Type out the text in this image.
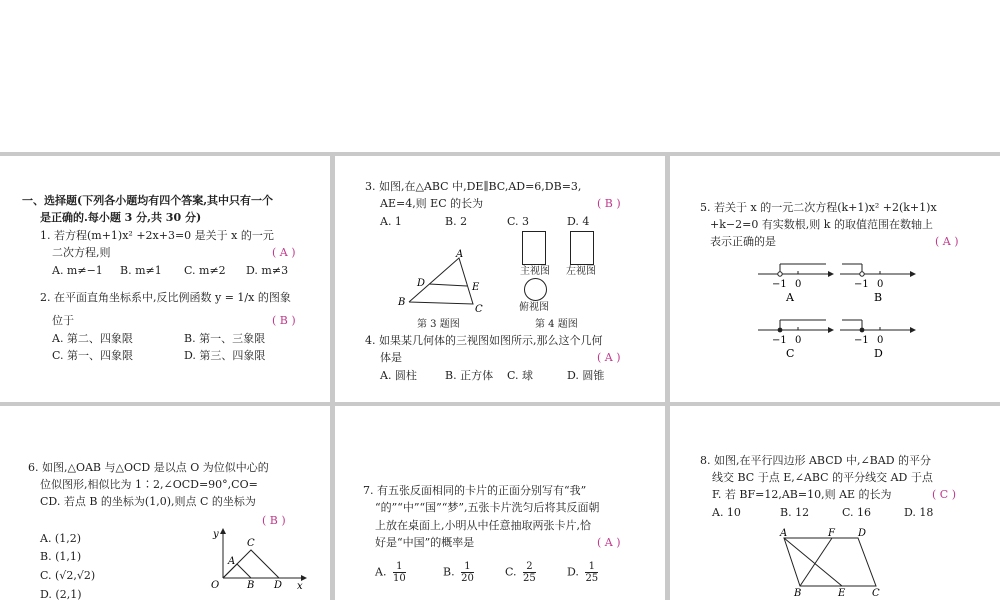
一、选择题(下列各小题均有四个答案,其中只有一个
是正确的.每小题 3 分,共 30 分)
1. 若方程(m+1)x² +2x+3=0 是关于 x 的一元
二次方程,则	( A )
A. m≠−1 B. m≠1 C. m≠2 D. m≠3
2. 在平面直角坐标系中,反比例函数 y = 1/x 的图象
位于	( B )
A. 第二、四象限	B. 第一、三象限
C. 第一、四象限	D. 第三、四象限
3. 如图,在△ABC 中,DE∥BC,AD=6,DB=3,
AE=4,则 EC 的长为	( B )
A. 1	B. 2	C. 3	D. 4
A
D	E
B
C
第 3 题图
主视图 左视图
俯视图
第 4 题图
4. 如果某几何体的三视图如图所示,那么这个几何
体是	( A )
A. 圆柱	B. 正方体 C. 球	D. 圆锥
5. 若关于 x 的一元二次方程(k+1)x² +2(k+1)x
+k−2=0 有实数根,则 k 的取值范围在数轴上
表示正确的是	( A )
−1 0
A
−1 0
B
−1 0
C
−1 0
D
6. 如图,△OAB 与△OCD 是以点 O 为位似中心的
位似图形,相似比为 1∶2,∠OCD=90°,CO=
CD. 若点 B 的坐标为(1,0),则点 C 的坐标为
( B )
A. (1,2)
B. (1,1)
C. (√2,√2)
D. (2,1)
y
C
A
O	B D x
7. 有五张反面相同的卡片的正面分别写有“我”
“的”“中”“国”“梦”,五张卡片洗匀后将其反面朝
上放在桌面上,小明从中任意抽取两张卡片,恰
好是“中国”的概率是	( A )
A. $\frac{1}{10}$	B. $\frac{1}{20}$	C. $\frac{2}{25}$	D. $\frac{1}{25}$
8. 如图,在平行四边形 ABCD 中,∠BAD 的平分
线交 BC 于点 E,∠ABC 的平分线交 AD 于点
F. 若 BF=12,AB=10,则 AE 的长为	( C )
A. 10	B. 12	C. 16	D. 18
A	F D
B	E	C
